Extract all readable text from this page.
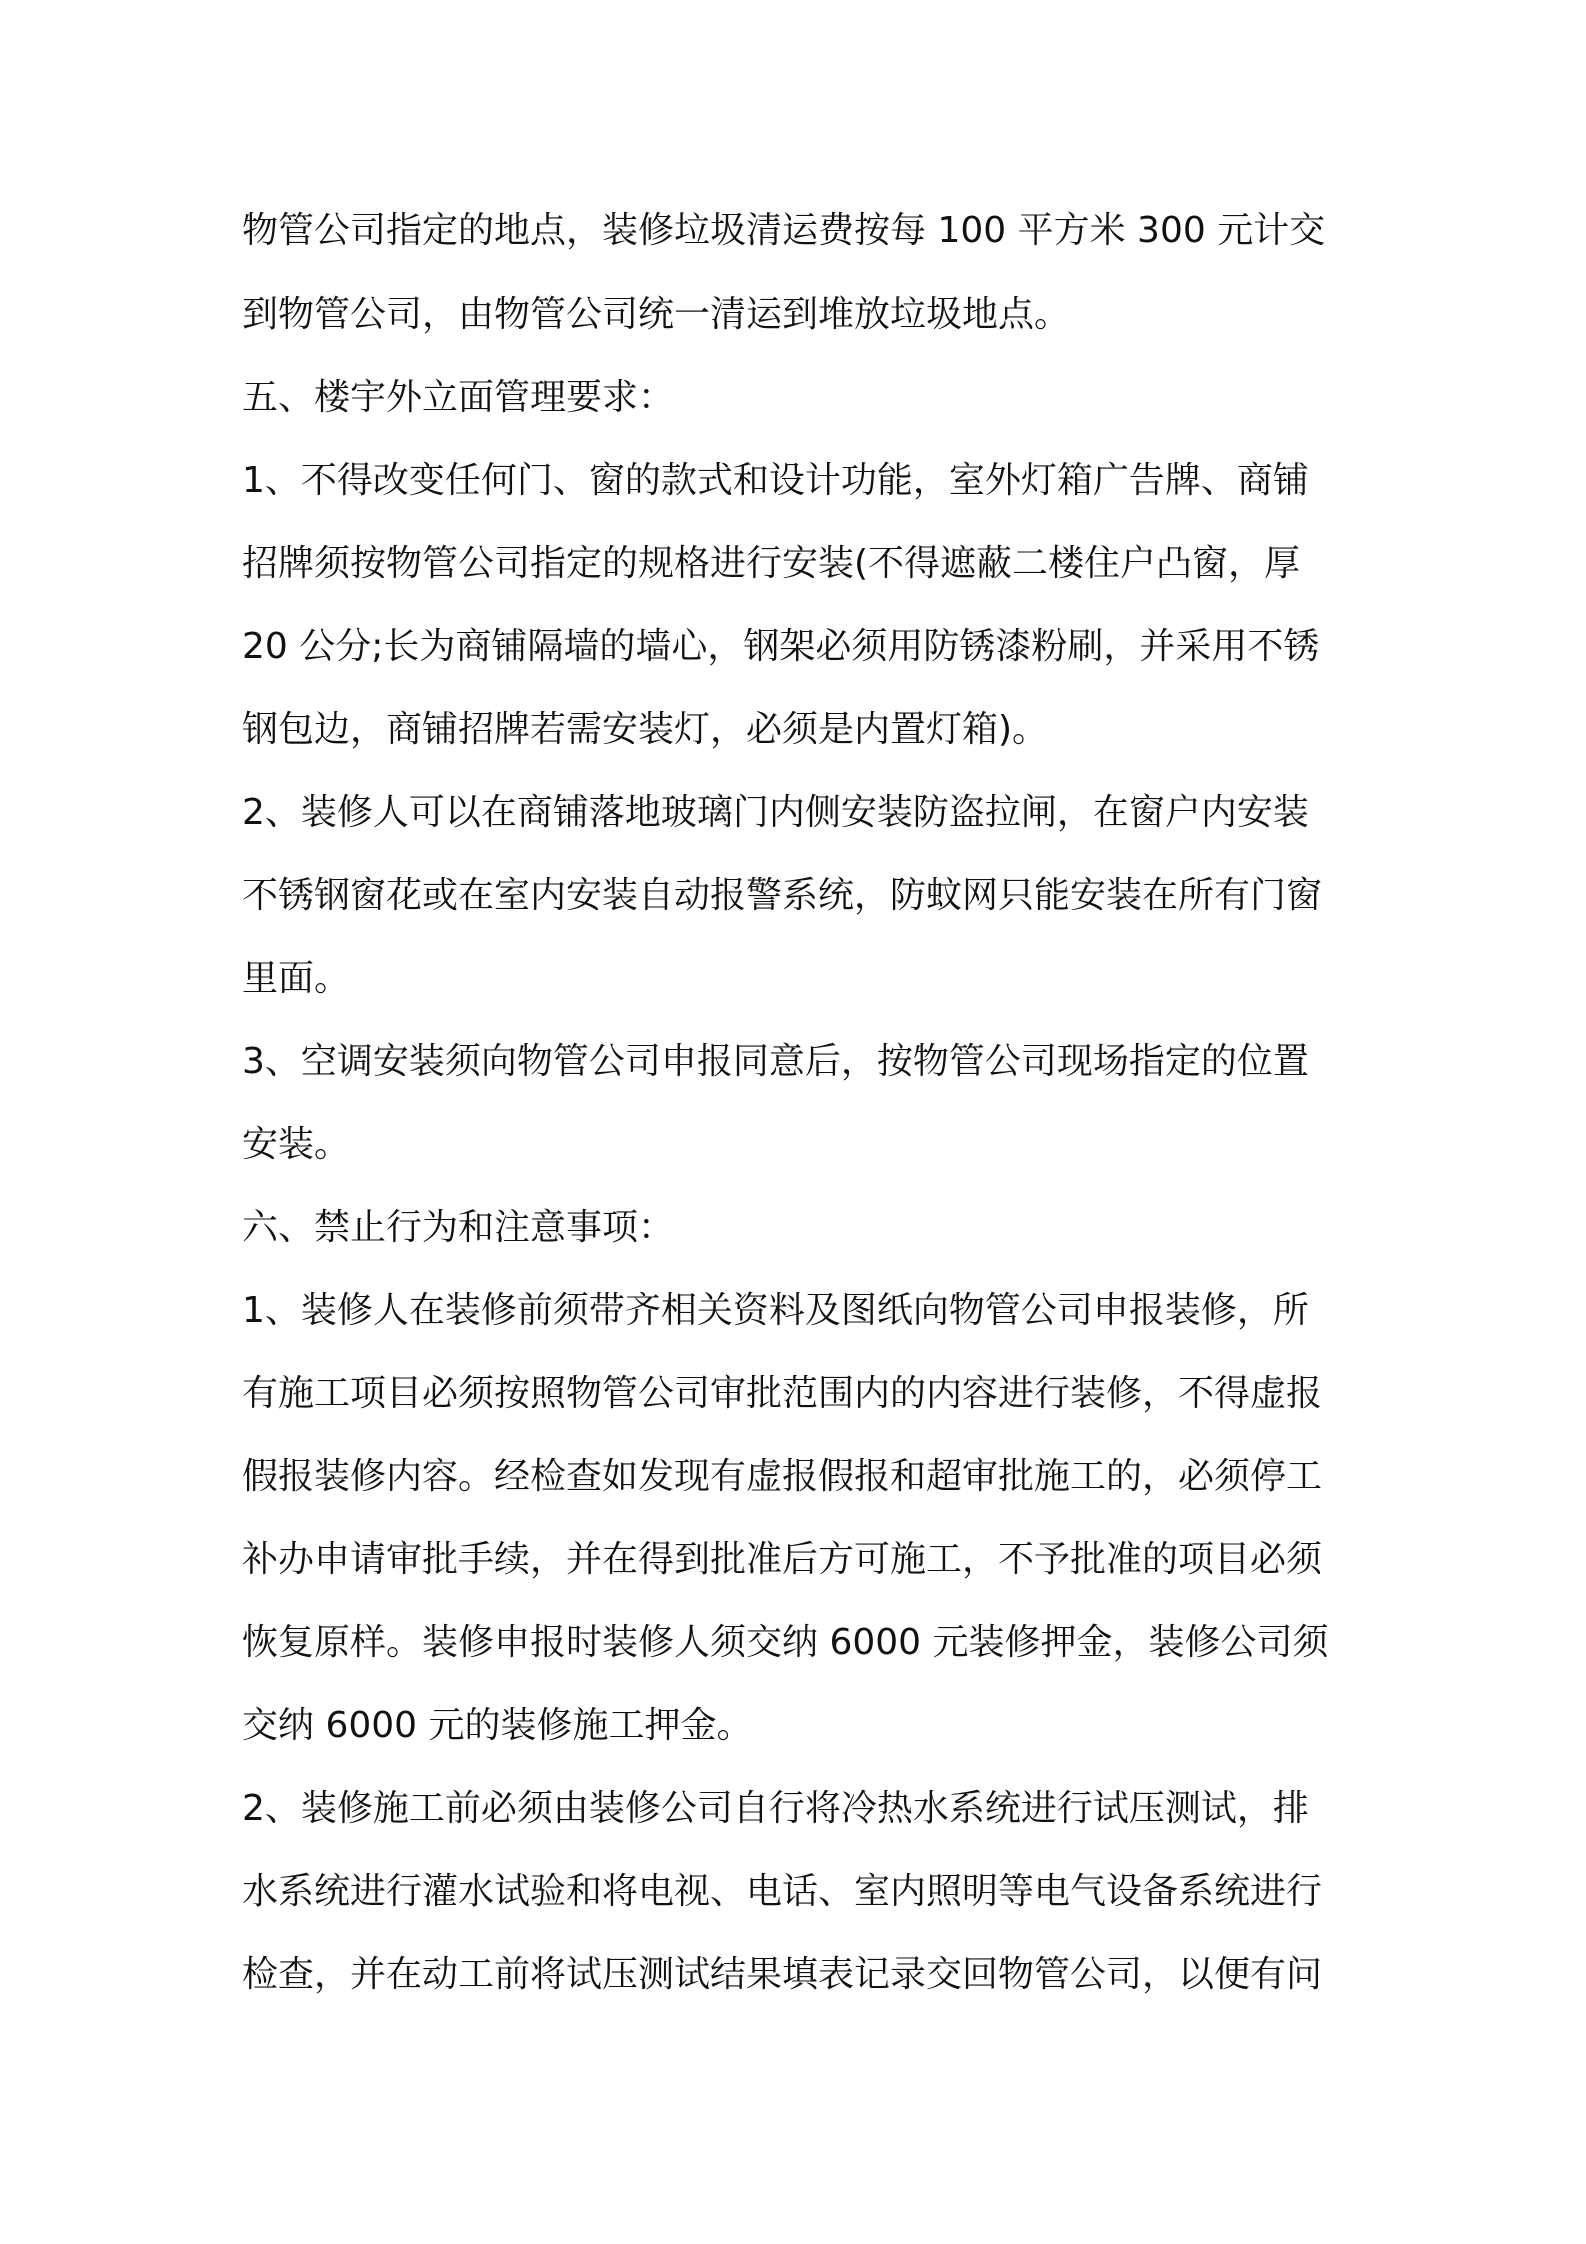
物管公司指定的地点，装修垃圾清运费按每 100 平方米 300 元计交
到物管公司，由物管公司统一清运到堆放垃圾地点。
五、楼宇外立面管理要求：
1、不得改变任何门、窗的款式和设计功能，室外灯箱广告牌、商铺
招牌须按物管公司指定的规格进行安装(不得遮蔽二楼住户凸窗，厚
20 公分;长为商铺隔墙的墙心，钢架必须用防锈漆粉刷，并采用不锈
钢包边，商铺招牌若需安装灯，必须是内置灯箱)。
2、装修人可以在商铺落地玻璃门内侧安装防盗拉闸，在窗户内安装
不锈钢窗花或在室内安装自动报警系统，防蚊网只能安装在所有门窗
里面。
3、空调安装须向物管公司申报同意后，按物管公司现场指定的位置
安装。
六、禁止行为和注意事项：
1、装修人在装修前须带齐相关资料及图纸向物管公司申报装修，所
有施工项目必须按照物管公司审批范围内的内容进行装修，不得虚报
假报装修内容。经检查如发现有虚报假报和超审批施工的，必须停工
补办申请审批手续，并在得到批准后方可施工，不予批准的项目必须
恢复原样。装修申报时装修人须交纳 6000 元装修押金，装修公司须
交纳 6000 元的装修施工押金。
2、装修施工前必须由装修公司自行将冷热水系统进行试压测试，排
水系统进行灌水试验和将电视、电话、室内照明等电气设备系统进行
检查，并在动工前将试压测试结果填表记录交回物管公司，以便有问
